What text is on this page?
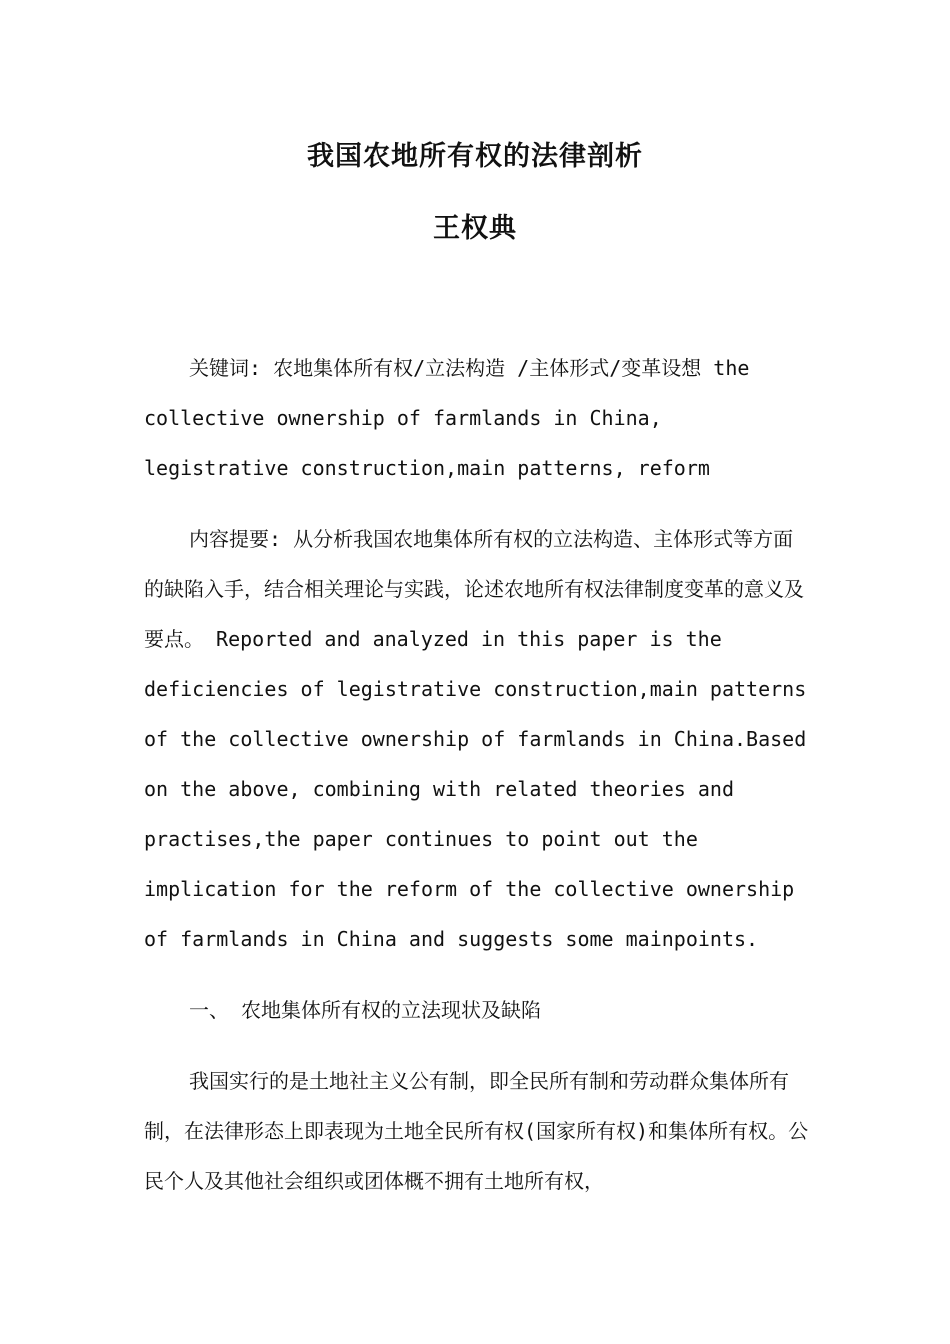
我国农地所有权的法律剖析
王权典

关键词: 农地集体所有权/立法构造 /主体形式/变革设想 the collective ownership of farmlands in China, legistrative construction,main patterns, reform

内容提要: 从分析我国农地集体所有权的立法构造、主体形式等方面的缺陷入手，结合相关理论与实践，论述农地所有权法律制度变革的意义及要点。 Reported and analyzed in this paper is the deficiencies of legistrative construction,main patterns of the collective ownership of farmlands in China.Based on the above, combining with related theories and practises,the paper continues to point out the implication for the reform of the collective ownership of farmlands in China and suggests some mainpoints.

一、 农地集体所有权的立法现状及缺陷

我国实行的是土地社主义公有制，即全民所有制和劳动群众集体所有制，在法律形态上即表现为土地全民所有权(国家所有权)和集体所有权。公民个人及其他社会组织或团体概不拥有土地所有权，
